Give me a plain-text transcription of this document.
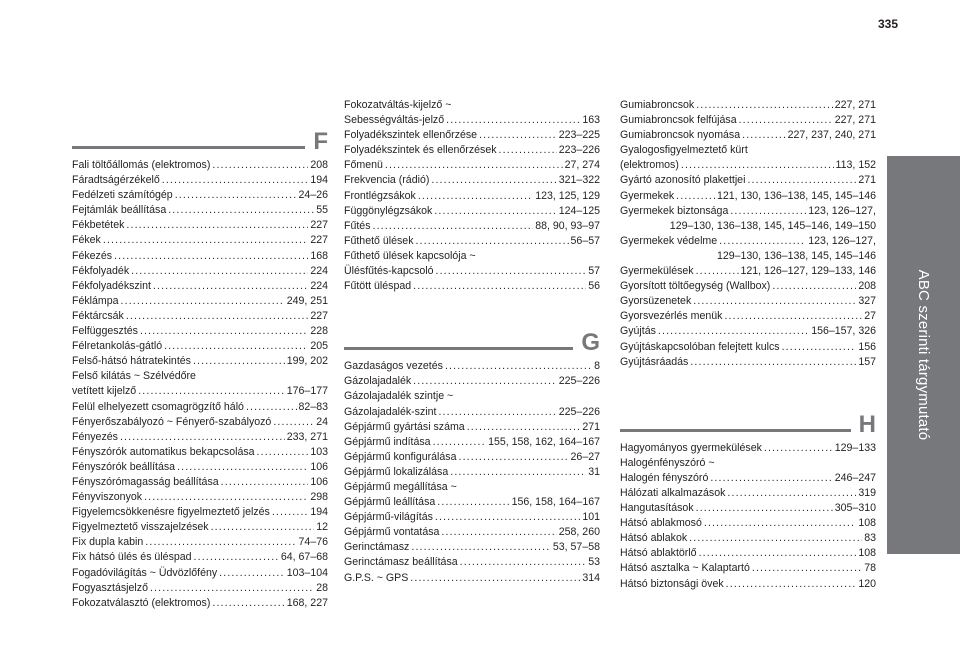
335
ABC szerinti tárgymutató
F
Fali töltőállomás (elektromos) . . .	208
Fáradtságérzékelő . . .	194
Fedélzeti számítógép . . .	24–26
Fejtámlák beállítása . . .	55
Fékbetétek . . .	227
Fékek . . .	227
Fékezés . . .	168
Fékfolyadék . . .	224
Fékfolyadékszint . . .	224
Féklámpa . . .	249, 251
Féktárcsák . . .	227
Felfüggesztés . . .	228
Félretankolás-gátló . . .	205
Felső-hátsó hátratekintés . . .	199, 202
Felső kilátás ~ Szélvédőre
vetített kijelző . . .	176–177
Felül elhelyezett csomagrögzítő háló . . .	82–83
Fényerőszabályozó ~ Fényerő-szabályozó . . .	24
Fényezés . . .	233, 271
Fényszórók automatikus bekapcsolása . . .	103
Fényszórók beállítása . . .	106
Fényszórómagasság beállítása . . .	106
Fényviszonyok . . .	298
Figyelemcsökkenésre figyelmeztető jelzés . . .	194
Figyelmeztető visszajelzések . . .	12
Fix dupla kabin . . .	74–76
Fix hátsó ülés és üléspad . . .	64, 67–68
Fogadóvilágítás ~ Üdvözlőfény . . .	103–104
Fogyasztásjelző . . .	28
Fokozatválasztó (elektromos) . . .	168, 227
Fokozatváltás-kijelző ~
Sebességváltás-jelző . . .	163
Folyadékszintek ellenőrzése . . .	223–225
Folyadékszintek és ellenőrzések . . .	223–226
Főmenü . . .	27, 274
Frekvencia (rádió) . . .	321–322
Frontlégzsákok . . .	123, 125, 129
Függönylégzsákok . . .	124–125
Fűtés . . .	88, 90, 93–97
Fűthető ülések . . .	56–57
Fűthető ülések kapcsolója ~
Ülésfűtés-kapcsoló . . .	57
Fűtött üléspad . . .	56
G
Gazdaságos vezetés . . .	8
Gázolajadalék . . .	225–226
Gázolajadalék szintje ~
Gázolajadalék-szint . . .	225–226
Gépjármű gyártási száma . . .	271
Gépjármű indítása . . .	155, 158, 162, 164–167
Gépjármű konfigurálása . . .	26–27
Gépjármű lokalizálása . . .	31
Gépjármű megállítása ~
Gépjármű leállítása . . .	156, 158, 164–167
Gépjármű-világítás . . .	101
Gépjármű vontatása . . .	258, 260
Gerinctámasz . . .	53, 57–58
Gerinctámasz beállítása . . .	53
G.P.S. ~ GPS . . .	314
Gumiabroncsok . . .	227, 271
Gumiabroncsok felfújása . . .	227, 271
Gumiabroncsok nyomása . . .	227, 237, 240, 271
Gyalogosfigyelmeztető kürt
(elektromos) . . .	113, 152
Gyártó azonosító plakettjei . . .	271
Gyermekek . . .	121, 130, 136–138, 145, 145–146
Gyermekek biztonsága . . .	123, 126–127,
129–130, 136–138, 145, 145–146, 149–150
Gyermekek védelme . . .	123, 126–127,
129–130, 136–138, 145, 145–146
Gyermekülések . . .	121, 126–127, 129–133, 146
Gyorsított töltőegység (Wallbox) . . .	208
Gyorsüzenetek . . .	327
Gyorsvezérlés menük . . .	27
Gyújtás . . .	156–157, 326
Gyújtáskapcsolóban felejtett kulcs . . .	156
Gyújtásráadás . . .	157
H
Hagyományos gyermekülések . . .	129–133
Halogénfényszóró ~
Halogén fényszóró . . .	246–247
Hálózati alkalmazások . . .	319
Hangutasítások . . .	305–310
Hátsó ablakmosó . . .	108
Hátsó ablakok . . .	83
Hátsó ablaktörlő . . .	108
Hátsó asztalka ~ Kalaptartó . . .	78
Hátsó biztonsági övek . . .	120
